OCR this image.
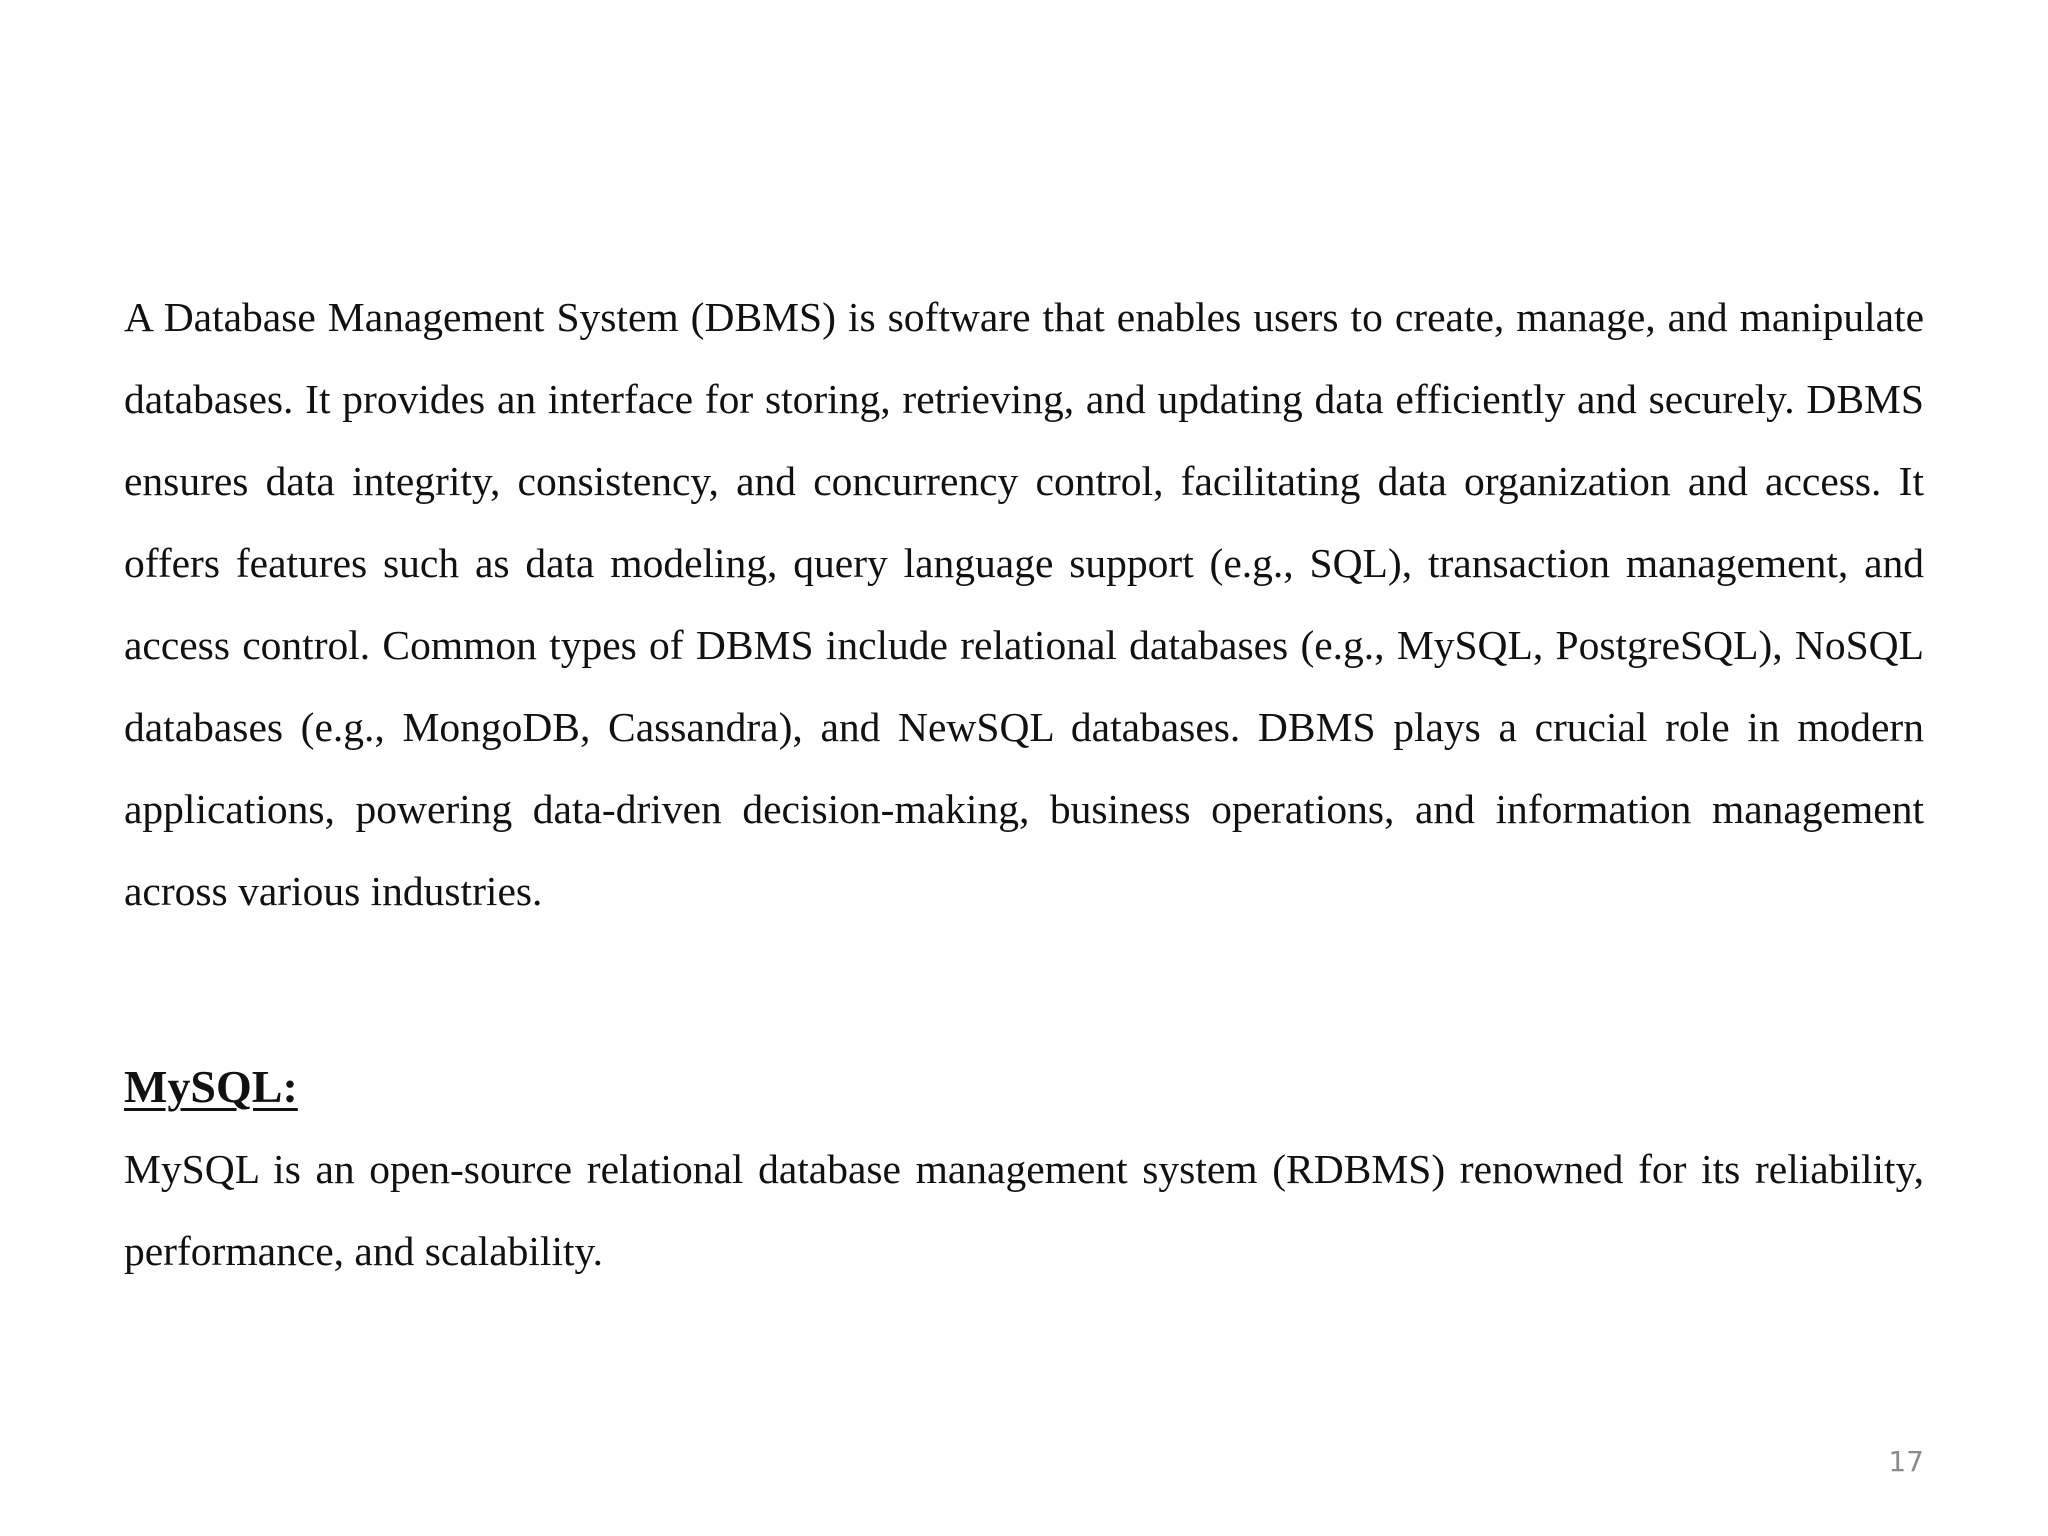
A Database Management System (DBMS) is software that enables users to create, manage, and manipulate databases. It provides an interface for storing, retrieving, and updating data efficiently and securely. DBMS ensures data integrity, consistency, and concurrency control, facilitating data organization and access. It offers features such as data modeling, query language support (e.g., SQL), transaction management, and access control. Common types of DBMS include relational databases (e.g., MySQL, PostgreSQL), NoSQL databases (e.g., MongoDB, Cassandra), and NewSQL databases. DBMS plays a crucial role in modern applications, powering data-driven decision-making, business operations, and information management across various industries.

MySQL:

MySQL is an open-source relational database management system (RDBMS) renowned for its reliability, performance, and scalability.

17
